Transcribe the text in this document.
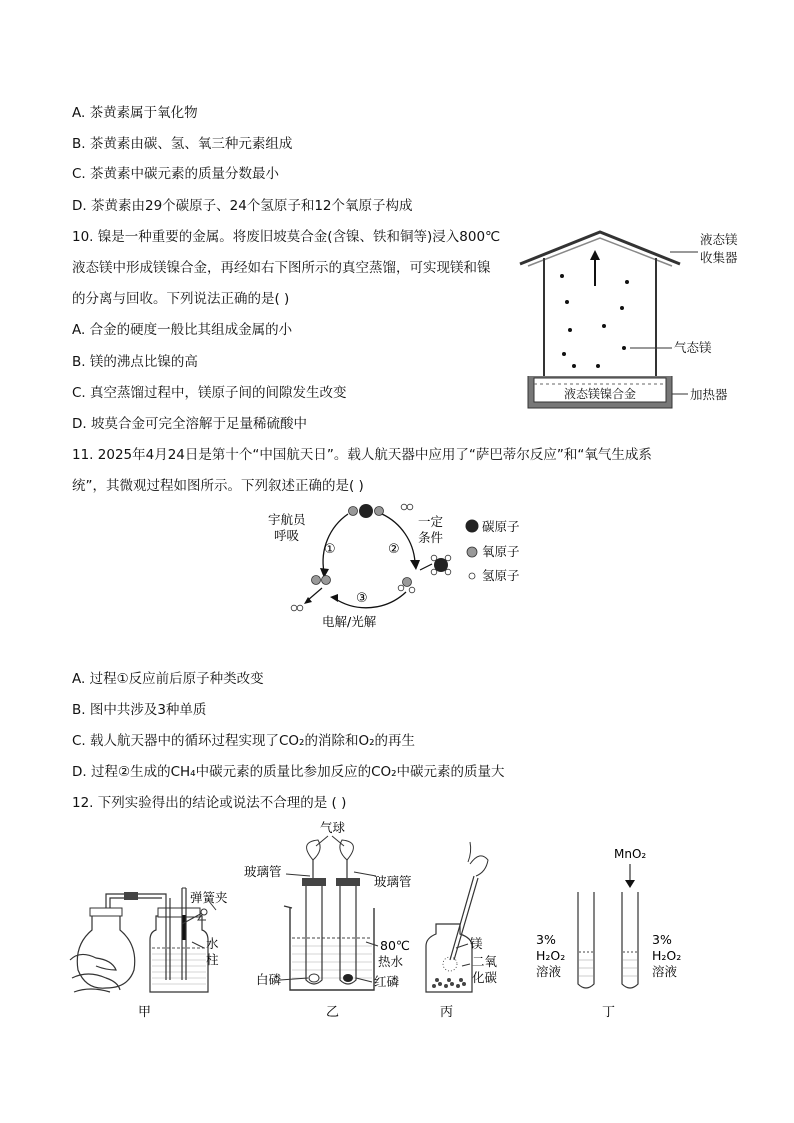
A. 茶黄素属于氧化物
B. 茶黄素由碳、氢、氧三种元素组成
C. 茶黄素中碳元素的质量分数最小
D. 茶黄素由29个碳原子、24个氢原子和12个氧原子构成
10. 镍是一种重要的金属。将废旧坡莫合金(含镍、铁和铜等)浸入800℃
液态镁中形成镁镍合金，再经如右下图所示的真空蒸馏，可实现镁和镍
的分离与回收。下列说法正确的是( )
A. 合金的硬度一般比其组成金属的小
B. 镁的沸点比镍的高
C. 真空蒸馏过程中，镁原子间的间隙发生改变
D. 坡莫合金可完全溶解于足量稀硫酸中
液态镁镍合金
液态镁
收集器
气态镁
加热器
11. 2025年4月24日是第十个“中国航天日”。载人航天器中应用了“萨巴蒂尔反应”和“氧气生成系
统”，其微观过程如图所示。下列叙述正确的是( )
宇航员
呼吸
①	②
③
一定
条件
电解/光解
碳原子
氧原子
氢原子
A. 过程①反应前后原子种类改变
B. 图中共涉及3种单质
C. 载人航天器中的循环过程实现了CO₂的消除和O₂的再生
D. 过程②生成的CH₄中碳元素的质量比参加反应的CO₂中碳元素的质量大
12. 下列实验得出的结论或说法不合理的是 ( )
弹簧夹
水
柱
甲
气球
玻璃管
玻璃管
80℃
热水
白磷	红磷
乙
镁
二氧
化碳
丙
MnO₂
3%
H₂O₂
溶液
3%
H₂O₂
溶液
丁
